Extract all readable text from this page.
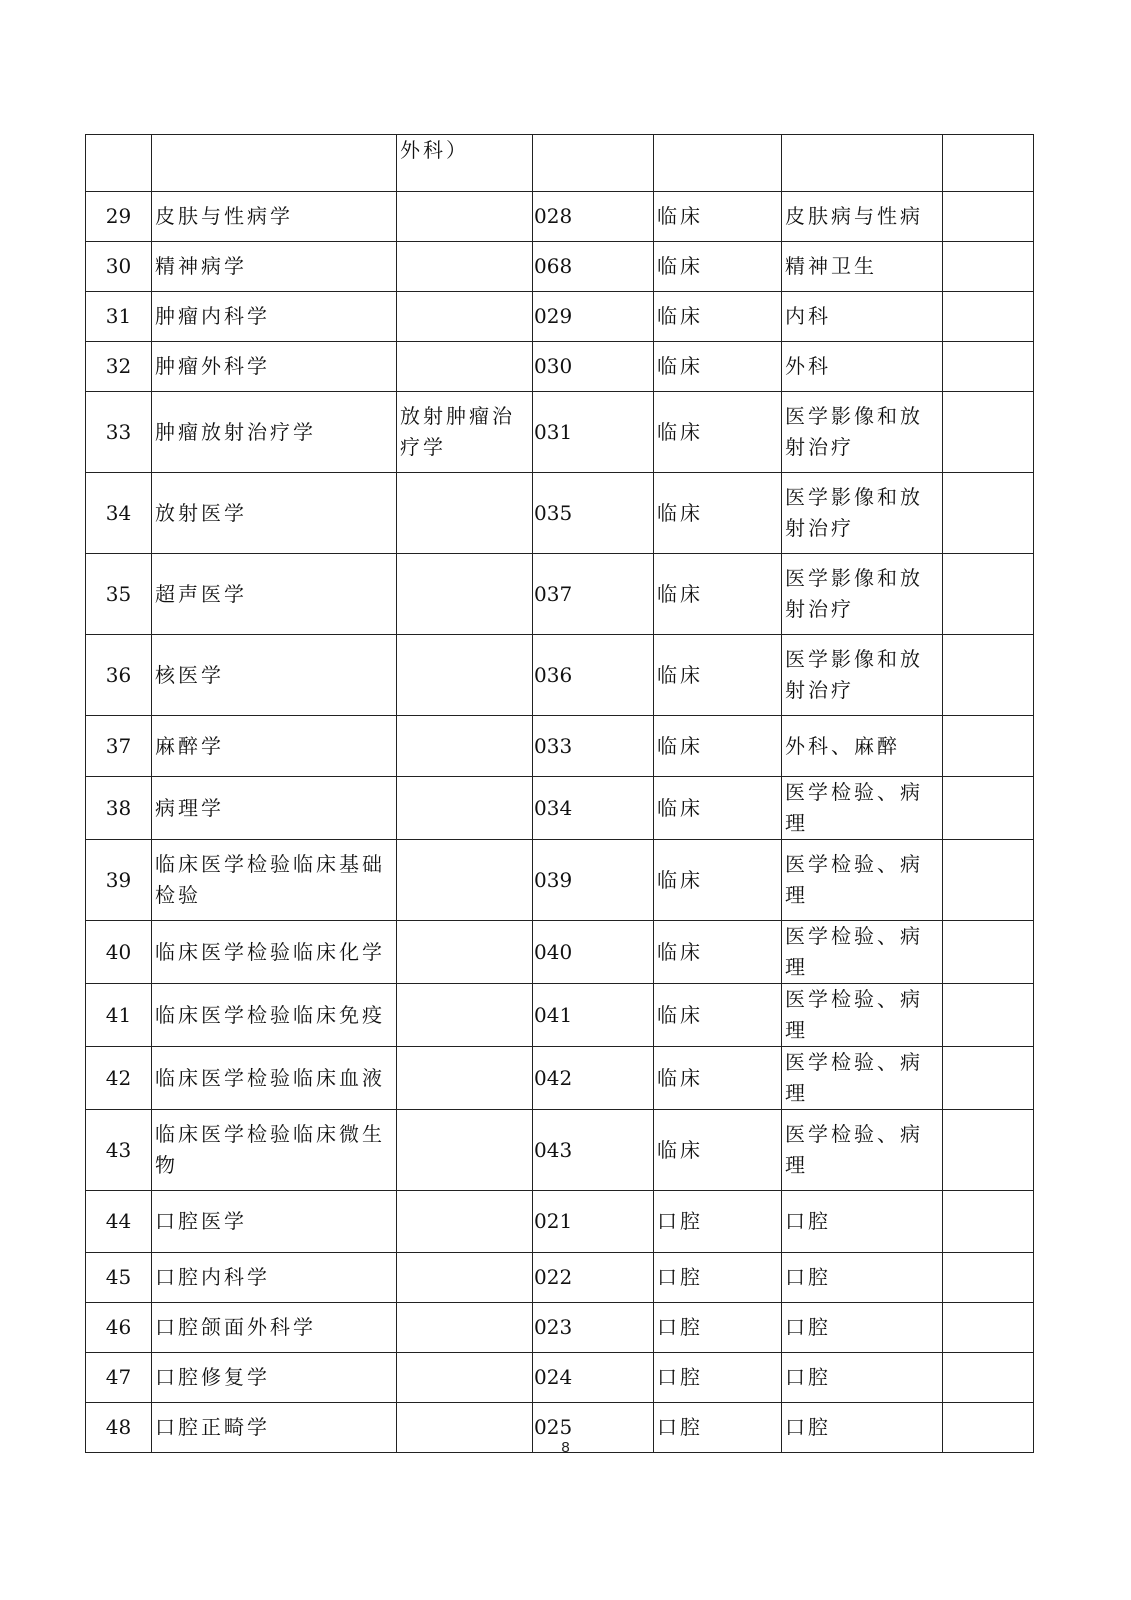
		外科）				
29	皮肤与性病学		028	临床	皮肤病与性病	
30	精神病学		068	临床	精神卫生	
31	肿瘤内科学		029	临床	内科	
32	肿瘤外科学		030	临床	外科	
33	肿瘤放射治疗学	放射肿瘤治疗学	031	临床	医学影像和放射治疗	
34	放射医学		035	临床	医学影像和放射治疗	
35	超声医学		037	临床	医学影像和放射治疗	
36	核医学		036	临床	医学影像和放射治疗	
37	麻醉学		033	临床	外科、麻醉	
38	病理学		034	临床	医学检验、病理	
39	临床医学检验临床基础检验		039	临床	医学检验、病理	
40	临床医学检验临床化学		040	临床	医学检验、病理	
41	临床医学检验临床免疫		041	临床	医学检验、病理	
42	临床医学检验临床血液		042	临床	医学检验、病理	
43	临床医学检验临床微生物		043	临床	医学检验、病理	
44	口腔医学		021	口腔	口腔	
45	口腔内科学		022	口腔	口腔	
46	口腔颌面外科学		023	口腔	口腔	
47	口腔修复学		024	口腔	口腔	
48	口腔正畸学		025	口腔	口腔	
8
